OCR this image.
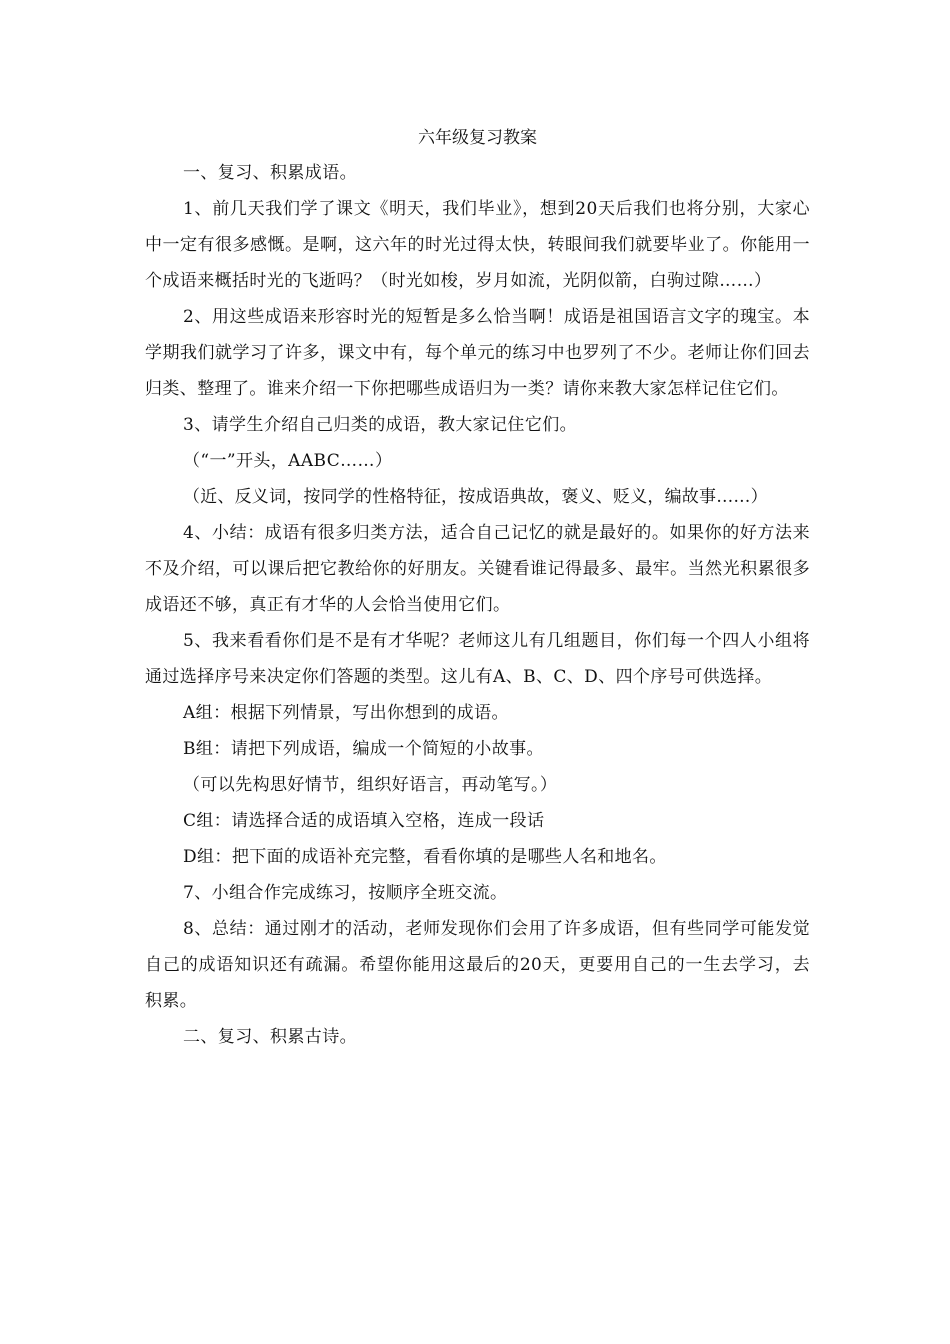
六年级复习教案

一、复习、积累成语。

1、前几天我们学了课文《明天，我们毕业》，想到20天后我们也将分别，大家心中一定有很多感慨。是啊，这六年的时光过得太快，转眼间我们就要毕业了。你能用一个成语来概括时光的飞逝吗？（时光如梭，岁月如流，光阴似箭，白驹过隙……）

2、用这些成语来形容时光的短暂是多么恰当啊！成语是祖国语言文字的瑰宝。本学期我们就学习了许多，课文中有，每个单元的练习中也罗列了不少。老师让你们回去归类、整理了。谁来介绍一下你把哪些成语归为一类？请你来教大家怎样记住它们。

3、请学生介绍自己归类的成语，教大家记住它们。

（“一”开头，AABC……）

（近、反义词，按同学的性格特征，按成语典故，褒义、贬义，编故事……）

4、小结：成语有很多归类方法，适合自己记忆的就是最好的。如果你的好方法来不及介绍，可以课后把它教给你的好朋友。关键看谁记得最多、最牢。当然光积累很多成语还不够，真正有才华的人会恰当使用它们。

5、我来看看你们是不是有才华呢？老师这儿有几组题目，你们每一个四人小组将通过选择序号来决定你们答题的类型。这儿有A、B、C、D、四个序号可供选择。

A组：根据下列情景，写出你想到的成语。

B组：请把下列成语，编成一个简短的小故事。

（可以先构思好情节，组织好语言，再动笔写。）

C组：请选择合适的成语填入空格，连成一段话

D组：把下面的成语补充完整，看看你填的是哪些人名和地名。

7、小组合作完成练习，按顺序全班交流。

8、总结：通过刚才的活动，老师发现你们会用了许多成语，但有些同学可能发觉自己的成语知识还有疏漏。希望你能用这最后的20天，更要用自己的一生去学习，去积累。

二、复习、积累古诗。
